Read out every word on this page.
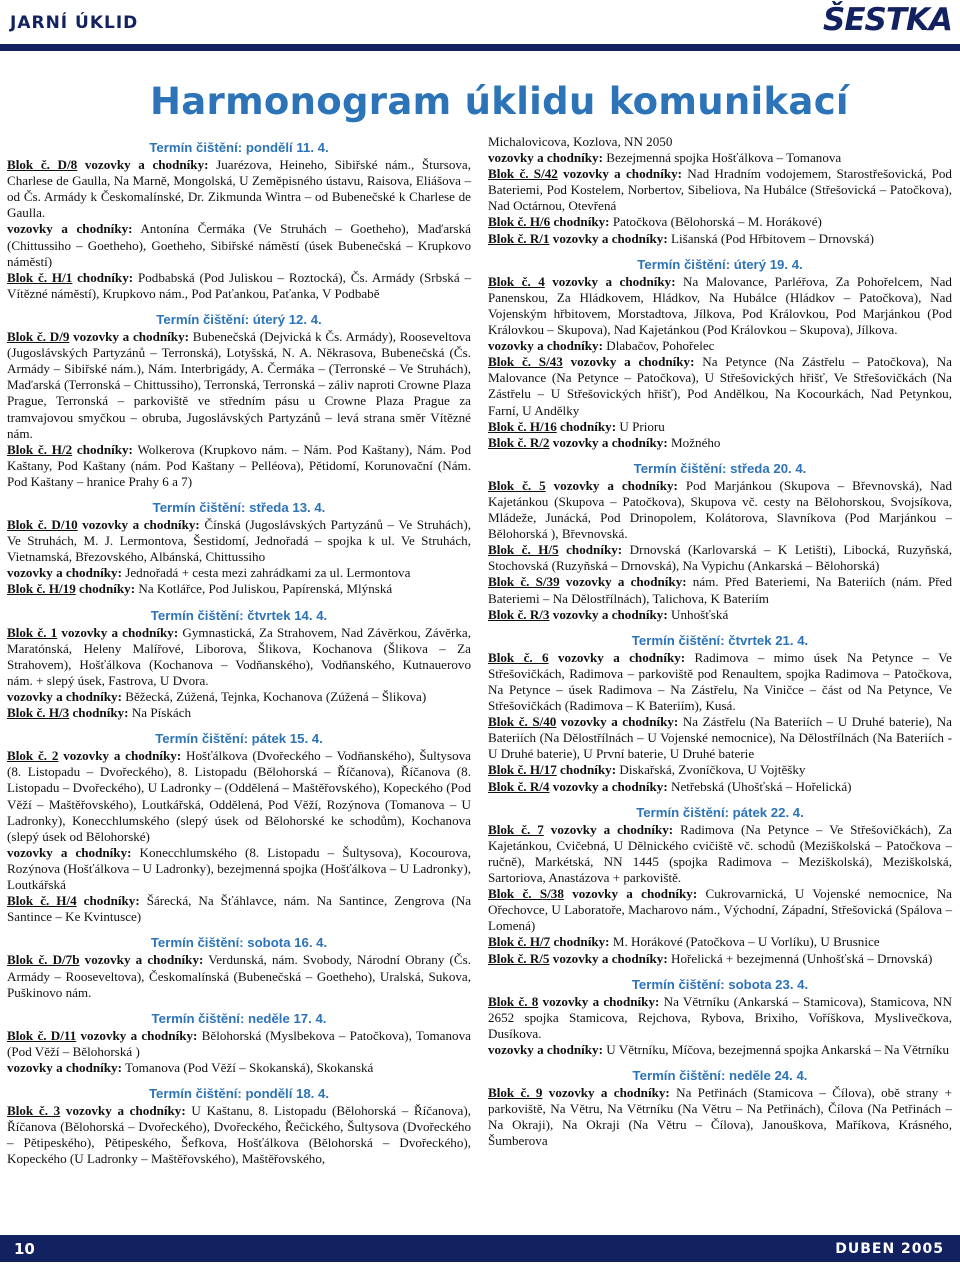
JARNÍ ÚKLID	ŠESTKA
Harmonogram úklidu komunikací
Termín čištění: pondělí 11. 4.

Blok č. D/8 vozovky a chodníky: Juarézova, Heineho, Sibiřské nám., Štursova, Charlese de Gaulla, Na Marně, Mongolská, U Zeměpisného ústavu, Raisova, Eliášova – od Čs. Armády k Českomalínské, Dr. Zikmunda Wintra – od Bubenečské k Charlese de Gaulla.

vozovky a chodníky: Antonína Čermáka (Ve Struhách – Goetheho), Maďarská (Chittussiho – Goetheho), Goetheho, Sibiřské náměstí (úsek Bubenečská – Krupkovo náměstí)

Blok č. H/1 chodníky: Podbabská (Pod Juliskou – Roztocká), Čs. Armády (Srbská – Vítězné náměstí), Krupkovo nám., Pod Paťankou, Paťanka, V Podbabě

Termín čištění: úterý 12. 4.

Blok č. D/9 vozovky a chodníky: Bubenečská (Dejvická k Čs. Armády), Rooseveltova (Jugoslávských Partyzánů – Terronská), Lotyšská, N. A. Někrasova, Bubenečská (Čs. Armády – Sibiřské nám.), Nám. Interbrigády, A. Čermáka – (Terronské – Ve Struhách), Maďarská (Terronská – Chittussiho), Terronská, Terronská – záliv naproti Crowne Plaza Prague, Terronská – parkoviště ve středním pásu u Crowne Plaza Prague za tramvajovou smyčkou – obruba, Jugoslávských Partyzánů – levá strana směr Vítězné nám.

Blok č. H/2 chodníky: Wolkerova (Krupkovo nám. – Nám. Pod Kaštany), Nám. Pod Kaštany, Pod Kaštany (nám. Pod Kaštany – Pelléova), Pětidomí, Korunovační (Nám. Pod Kaštany – hranice Prahy 6 a 7)

Termín čištění: středa 13. 4.

Blok č. D/10 vozovky a chodníky: Čínská (Jugoslávských Partyzánů – Ve Struhách), Ve Struhách, M. J. Lermontova, Šestidomí, Jednořadá – spojka k ul. Ve Struhách, Vietnamská, Březovského, Albánská, Chittussiho

vozovky a chodníky: Jednořadá + cesta mezi zahrádkami za ul. Lermontova

Blok č. H/19 chodníky: Na Kotlářce, Pod Juliskou, Papírenská, Mlýnská

Termín čištění: čtvrtek 14. 4.

Blok č. 1 vozovky a chodníky: Gymnastická, Za Strahovem, Nad Závěrkou, Závěrka, Maratónská, Heleny Malířové, Liborova, Šlikova, Kochanova (Šlikova – Za Strahovem), Hošťálkova (Kochanova – Vodňanského), Vodňanského, Kutnauerovo nám. + slepý úsek, Fastrova, U Dvora.

vozovky a chodníky: Běžecká, Zúžená, Tejnka, Kochanova (Zúžená – Šlikova)

Blok č. H/3 chodníky: Na Pískách

Termín čištění: pátek 15. 4.

Blok č. 2 vozovky a chodníky: Hošťálkova (Dvořeckého – Vodňanského), Šultysova (8. Listopadu – Dvořeckého), 8. Listopadu (Bělohorská – Říčanova), Říčanova (8. Listopadu – Dvořeckého), U Ladronky – (Oddělená – Maštěřovského), Kopeckého (Pod Věží – Maštěřovského), Loutkářská, Oddělená, Pod Věží, Rozýnova (Tomanova – U Ladronky), Konecchlumského (slepý úsek od Bělohorské ke schodům), Kochanova (slepý úsek od Bělohorské)

vozovky a chodníky: Konecchlumského (8. Listopadu – Šultysova), Kocourova, Rozýnova (Hošťálkova – U Ladronky), bezejmenná spojka (Hošťálkova – U Ladronky), Loutkářská

Blok č. H/4 chodníky: Šárecká, Na Šťáhlavce, nám. Na Santince, Zengrova (Na Santince – Ke Kvintusce)

Termín čištění: sobota 16. 4.

Blok č. D/7b vozovky a chodníky: Verdunská, nám. Svobody, Národní Obrany (Čs. Armády – Rooseveltova), Českomalínská (Bubenečská – Goetheho), Uralská, Sukova, Puškinovo nám.

Termín čištění: neděle 17. 4.

Blok č. D/11 vozovky a chodníky: Bělohorská (Myslbekova – Patočkova), Tomanova (Pod Věží – Bělohorská )

vozovky a chodníky: Tomanova (Pod Věží – Skokanská), Skokanská

Termín čištění: pondělí 18. 4.

Blok č. 3 vozovky a chodníky: U Kaštanu, 8. Listopadu (Bělohorská – Říčanova), Říčanova (Bělohorská – Dvořeckého), Dvořeckého, Řečického, Šultysova (Dvořeckého – Pětipeského), Pětipeského, Šefkova, Hošťálkova (Bělohorská – Dvořeckého), Kopeckého (U Ladronky – Maštěřovského), Maštěřovského,

Michalovicova, Kozlova, NN 2050

vozovky a chodníky: Bezejmenná spojka Hošťálkova – Tomanova

Blok č. S/42 vozovky a chodníky: Nad Hradním vodojemem, Starostřešovická, Pod Bateriemi, Pod Kostelem, Norbertov, Sibeliova, Na Hubálce (Střešovická – Patočkova), Nad Octárnou, Otevřená

Blok č. H/6 chodníky: Patočkova (Bělohorská – M. Horákové)

Blok č. R/1 vozovky a chodníky: Lišanská (Pod Hřbitovem – Drnovská)

Termín čištění: úterý 19. 4.

Blok č. 4 vozovky a chodníky: Na Malovance, Parléřova, Za Pohořelcem, Nad Panenskou, Za Hládkovem, Hládkov, Na Hubálce (Hládkov – Patočkova), Nad Vojenským hřbitovem, Morstadtova, Jílkova, Pod Královkou, Pod Marjánkou (Pod Královkou – Skupova), Nad Kajetánkou (Pod Královkou – Skupova), Jílkova.

vozovky a chodníky: Dlabačov, Pohořelec

Blok č. S/43 vozovky a chodníky: Na Petynce (Na Zástřelu – Patočkova), Na Malovance (Na Petynce – Patočkova), U Střešovických hřišť, Ve Střešovičkách (Na Zástřelu – U Střešovických hřišť), Pod Andělkou, Na Kocourkách, Nad Petynkou, Farní, U Andělky

Blok č. H/16 chodníky: U Prioru

Blok č. R/2 vozovky a chodníky: Možného

Termín čištění: středa 20. 4.

Blok č. 5 vozovky a chodníky: Pod Marjánkou (Skupova – Břevnovská), Nad Kajetánkou (Skupova – Patočkova), Skupova vč. cesty na Bělohorskou, Svojsíkova, Mládeže, Junácká, Pod Drinopolem, Kolátorova, Slavníkova (Pod Marjánkou – Bělohorská ), Břevnovská.

Blok č. H/5 chodníky: Drnovská (Karlovarská – K Letišti), Libocká, Ruzyňská, Stochovská (Ruzyňská – Drnovská), Na Vypichu (Ankarská – Bělohorská)

Blok č. S/39 vozovky a chodníky: nám. Před Bateriemi, Na Bateriích (nám. Před Bateriemi – Na Dělostřílnách), Talichova, K Bateriím

Blok č. R/3 vozovky a chodníky: Unhošťská

Termín čištění: čtvrtek 21. 4.

Blok č. 6 vozovky a chodníky: Radimova – mimo úsek Na Petynce – Ve Střešovičkách, Radimova – parkoviště pod Renaultem, spojka Radimova – Patočkova, Na Petynce – úsek Radimova – Na Zástřelu, Na Viničce – část od Na Petynce, Ve Střešovičkách (Radimova – K Bateriím), Kusá.

Blok č. S/40 vozovky a chodníky: Na Zástřelu (Na Bateriích – U Druhé baterie), Na Bateriích (Na Dělostřílnách – U Vojenské nemocnice), Na Dělostřílnách (Na Bateriích - U Druhé baterie), U První baterie, U Druhé baterie

Blok č. H/17 chodníky: Diskařská, Zvoníčkova, U Vojtěšky

Blok č. R/4 vozovky a chodníky: Netřebská (Uhošťská – Hořelická)

Termín čištění: pátek 22. 4.

Blok č. 7 vozovky a chodníky: Radimova (Na Petynce – Ve Střešovičkách), Za Kajetánkou, Cvičebná, U Dělnického cvičiště vč. schodů (Meziškolská – Patočkova – ručně), Markétská, NN 1445 (spojka Radimova – Meziškolská), Meziškolská, Sartoriova, Anastázova + parkoviště.

Blok č. S/38 vozovky a chodníky: Cukrovarnická, U Vojenské nemocnice, Na Ořechovce, U Laboratoře, Macharovo nám., Východní, Západní, Střešovická (Spálova – Lomená)

Blok č. H/7 chodníky: M. Horákové (Patočkova – U Vorlíku), U Brusnice

Blok č. R/5 vozovky a chodníky: Hořelická + bezejmenná (Unhošťská – Drnovská)

Termín čištění: sobota 23. 4.

Blok č. 8 vozovky a chodníky: Na Větrníku (Ankarská – Stamicova), Stamicova, NN 2652 spojka Stamicova, Rejchova, Rybova, Brixiho, Voříškova, Myslivečkova, Dusíkova.

vozovky a chodníky: U Větrníku, Míčova, bezejmenná spojka Ankarská – Na Větrníku

Termín čištění: neděle 24. 4.

Blok č. 9 vozovky a chodníky: Na Petřinách (Stamicova – Čílova), obě strany + parkoviště, Na Větru, Na Větrníku (Na Větru – Na Petřinách), Čílova (Na Petřinách – Na Okraji), Na Okraji (Na Větru – Čílova), Janouškova, Maříkova, Krásného, Šumberova

10	DUBEN 2005
